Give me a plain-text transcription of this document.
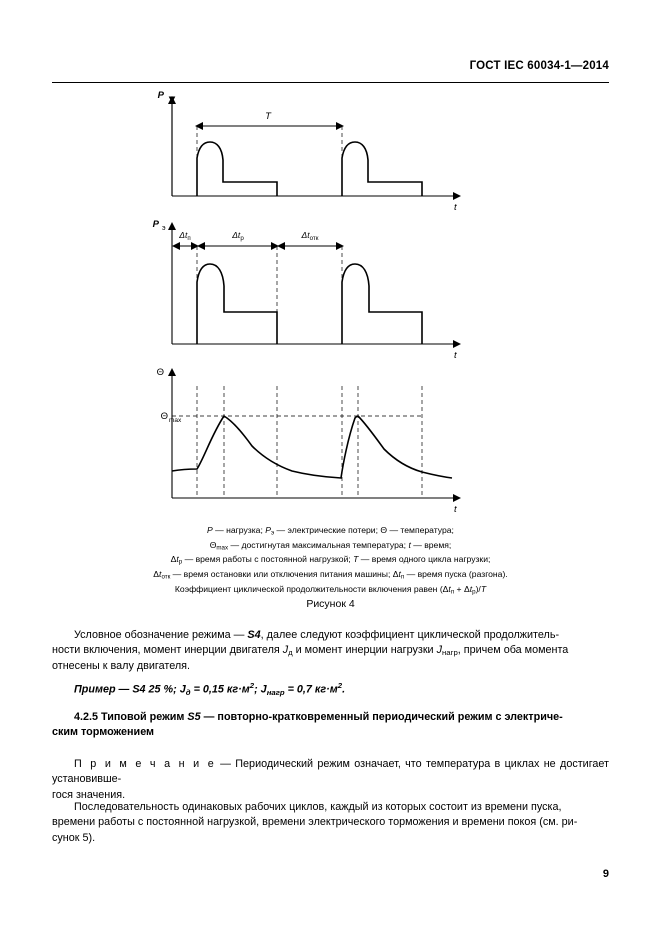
ГОСТ IEC 60034-1—2014
P
t
T
P э
t
$\Delta t_п$	$\Delta t_р$	$\Delta t_{отк}$
Θ
t
Θ max
P — нагрузка; $P_э$ — электрические потери; Θ — температура;
$\Theta_{max}$ — достигнутая максимальная температура; t — время;
$\Delta t_р$ — время работы с постоянной нагрузкой; T — время одного цикла нагрузки;
$\Delta t_{отк}$ — время остановки или отключения питания машины; $\Delta t_п$ — время пуска (разгона).
Коэффициент циклической продолжительности включения равен $(\Delta t_п + \Delta t_р)/T$
Рисунок 4
Условное обозначение режима — S4, далее следуют коэффициент циклической продолжитель-
ности включения, момент инерции двигателя $J_д$ и момент инерции нагрузки $J_{нагр}$, причем оба момента
отнесены к валу двигателя.
Пример — S4 25 %; $J_д = 0,15$ $кг\cdot м^2$; $J_{нагр} = 0,7$ $кг\cdot м^2$.
4.2.5 Типовой режим S5 — повторно-кратковременный периодический режим с электриче-
ским торможением
П р и м е ч а н и е — Периодический режим означает, что температура в циклах не достигает установивше-
гося значения.
Последовательность одинаковых рабочих циклов, каждый из которых состоит из времени пуска,
времени работы с постоянной нагрузкой, времени электрического торможения и времени покоя (см. ри-
сунок 5).
9
